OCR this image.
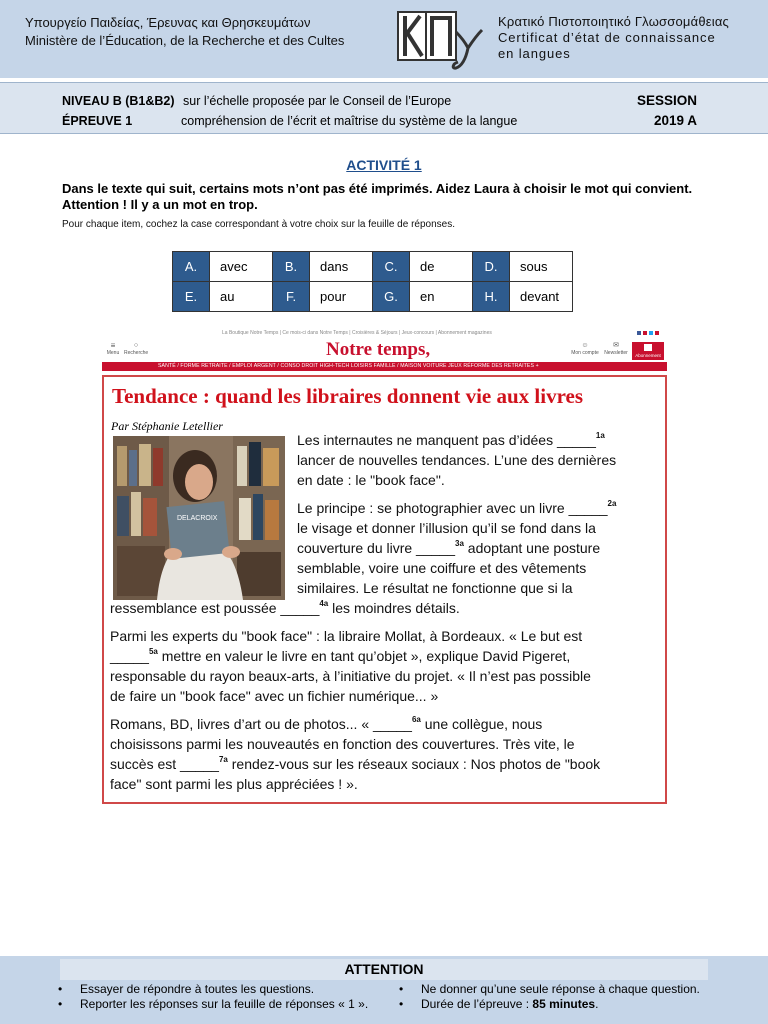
Υπουργείο Παιδείας, Έρευνας και Θρησκευμάτων
Ministère de l’Éducation, de la Recherche et des Cultes
Κρατικό Πιστοποιητικό Γλωσσομάθειας
Certificat d’état de connaissance
en langues
NIVEAU B (B1&B2) sur l’échelle proposée par le Conseil de l’Europe
ÉPREUVE 1	compréhension de l’écrit et maîtrise du système de la langue
SESSION
2019 A
ACTIVITÉ 1
Dans le texte qui suit, certains mots n’ont pas été imprimés. Aidez Laura à choisir le mot qui convient. Attention ! Il y a un mot en trop.
Pour chaque item, cochez la case correspondant à votre choix sur la feuille de réponses.
A.	avec	B.	dans	C.	de	D.	sous
E.	au	F.	pour	G.	en	H.	devant
La Boutique Notre Temps | Ce mois-ci dans Notre Temps | Croisières & Séjours | Jeux-concours | Abonnement magazines
≡
Menu
○
Recherche	Notre temps,	☺
Mon compte
✉
Newsletter	Abonnement
SANTÉ / FORME RETRAITE / EMPLOI ARGENT / CONSO DROIT HIGH-TECH LOISIRS FAMILLE / MAISON VOITURE JEUX RÉFORME DES RETRAITES +
Tendance : quand les libraires donnent vie aux livres
Par Stéphanie Letellier
DELACROIX
Les internautes ne manquent pas d’idées _____$^{1a}$
lancer de nouvelles tendances. L’une des dernières
en date : le "book face".
Le principe : se photographier avec un livre _____$^{2a}$
le visage et donner l’illusion qu’il se fond dans la
couverture du livre _____$^{3a}$ adoptant une posture
semblable, voire une coiffure et des vêtements
similaires. Le résultat ne fonctionne que si la
ressemblance est poussée _____$^{4a}$ les moindres détails.
Parmi les experts du "book face" : la libraire Mollat, à Bordeaux. « Le but est
_____$^{5a}$ mettre en valeur le livre en tant qu’objet », explique David Pigeret,
responsable du rayon beaux-arts, à l’initiative du projet. « Il n’est pas possible
de faire un "book face" avec un fichier numérique... »
Romans, BD, livres d’art ou de photos... « _____$^{6a}$ une collègue, nous
choisissons parmi les nouveautés en fonction des couvertures. Très vite, le
succès est _____$^{7a}$ rendez-vous sur les réseaux sociaux : Nos photos de "book
face" sont parmi les plus appréciées ! ».
ATTENTION
• Essayer de répondre à toutes les questions.
• Reporter les réponses sur la feuille de réponses « 1 ».
• Ne donner qu’une seule réponse à chaque question.
• Durée de l’épreuve : 85 minutes.
